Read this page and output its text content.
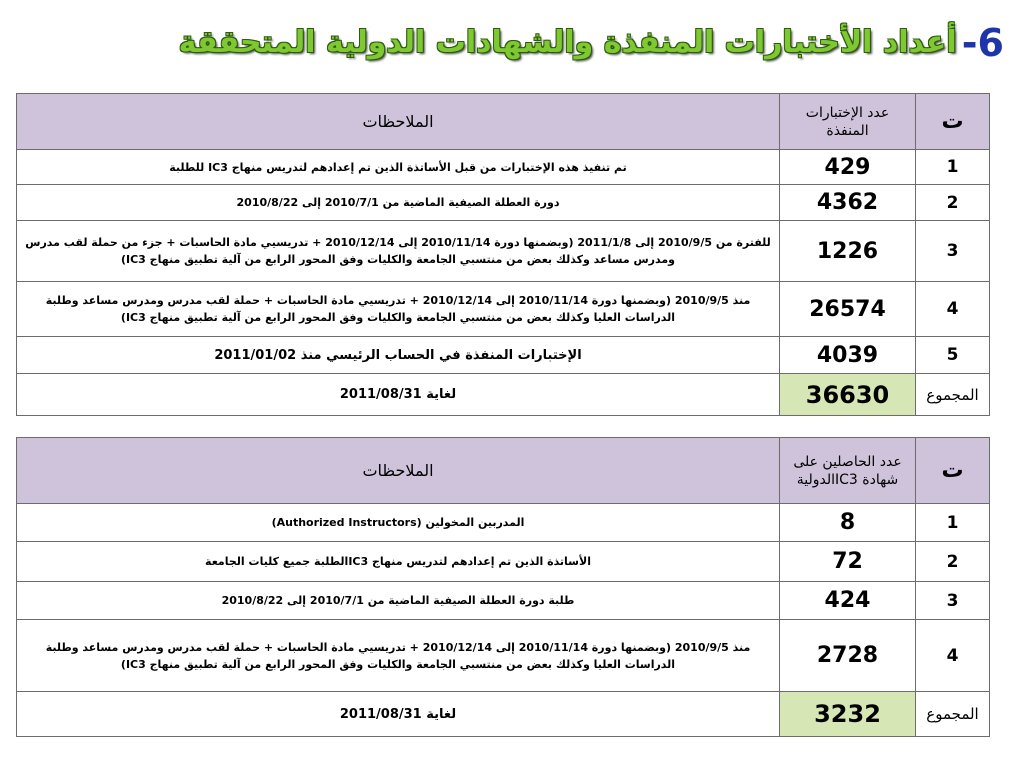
6- أعداد الأختبارات المنفذة والشهادات الدولية المتحققة
ت	عدد الإختبارات المنفذة	الملاحظات
1	429	تم تنفيذ هذه الإختبارات من قبل الأساتذة الذين تم إعدادهم لتدريس منهاج IC3 للطلبة
2	4362	دورة العطلة الصيفية الماضية من 2010/7/1 إلى 2010/8/22
3	1226	للفترة من 2010/9/5 إلى 2011/1/8 (وبضمنها دورة 2010/11/14 إلى 2010/12/14 + تدريسيي مادة الحاسبات + جزء من حملة لقب مدرس ومدرس مساعد وكذلك بعض من منتسبي الجامعة والكليات وفق المحور الرابع من آلية تطبيق منهاج IC3)
4	26574	منذ 2010/9/5 (وبضمنها دورة 2010/11/14 إلى 2010/12/14 + تدريسيي مادة الحاسبات + حملة لقب مدرس ومدرس مساعد وطلبة الدراسات العليا وكذلك بعض من منتسبي الجامعة والكليات وفق المحور الرابع من آلية تطبيق منهاج IC3)
5	4039	الإختبارات المنفذة في الحساب الرئيسي منذ 2011/01/02
المجموع	36630	لغاية 2011/08/31
ت	عدد الحاصلين على شهادة IC3الدولية	الملاحظات
1	8	المدربين المخولين (Authorized Instructors)
2	72	الأساتذة الذين تم إعدادهم لتدريس منهاج IC3الطلبة جميع كليات الجامعة
3	424	طلبة دورة العطلة الصيفية الماضية من 2010/7/1 إلى 2010/8/22
4	2728	منذ 2010/9/5 (وبضمنها دورة 2010/11/14 إلى 2010/12/14 + تدريسيي مادة الحاسبات + حملة لقب مدرس ومدرس مساعد وطلبة الدراسات العليا وكذلك بعض من منتسبي الجامعة والكليات وفق المحور الرابع من آلية تطبيق منهاج IC3)
المجموع	3232	لغاية 2011/08/31
